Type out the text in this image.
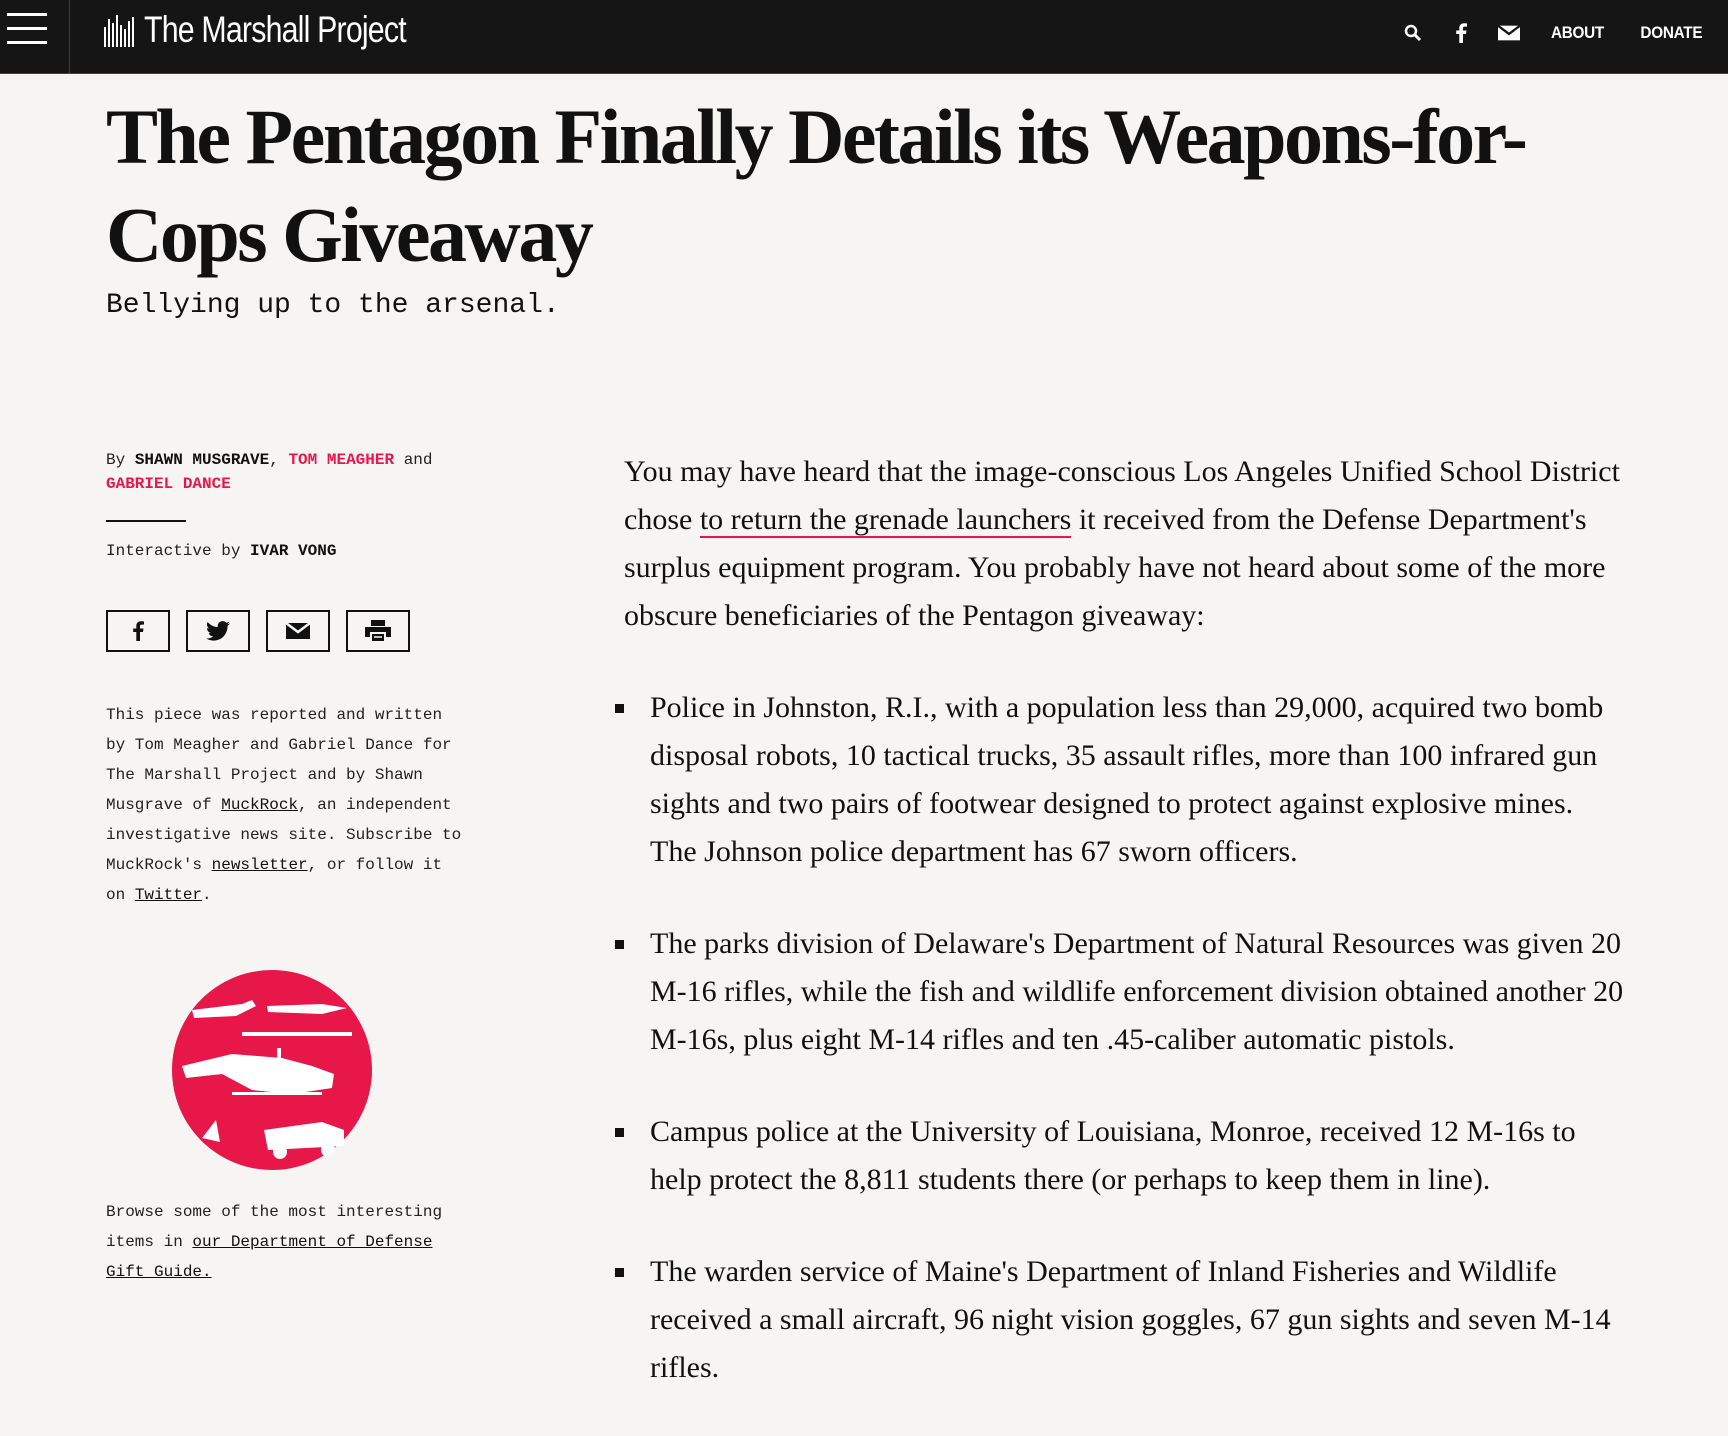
The Marshall Project	ABOUT DONATE
The Pentagon Finally Details its Weapons-for-Cops Giveaway

Bellying up to the arsenal.

By SHAWN MUSGRAVE, TOM MEAGHER and GABRIEL DANCE
Interactive by IVAR VONG
This piece was reported and written by Tom Meagher and Gabriel Dance for The Marshall Project and by Shawn Musgrave of MuckRock, an independent investigative news site. Subscribe to MuckRock's newsletter, or follow it on Twitter.
Browse some of the most interesting items in our Department of Defense Gift Guide.

You may have heard that the image-conscious Los Angeles Unified School District chose to return the grenade launchers it received from the Defense Department's surplus equipment program. You probably have not heard about some of the more obscure beneficiaries of the Pentagon giveaway:

Police in Johnston, R.I., with a population less than 29,000, acquired two bomb disposal robots, 10 tactical trucks, 35 assault rifles, more than 100 infrared gun sights and two pairs of footwear designed to protect against explosive mines. The Johnson police department has 67 sworn officers.
The parks division of Delaware's Department of Natural Resources was given 20 M-16 rifles, while the fish and wildlife enforcement division obtained another 20 M-16s, plus eight M-14 rifles and ten .45-caliber automatic pistols.
Campus police at the University of Louisiana, Monroe, received 12 M-16s to help protect the 8,811 students there (or perhaps to keep them in line).
The warden service of Maine's Department of Inland Fisheries and Wildlife received a small aircraft, 96 night vision goggles, 67 gun sights and seven M-14 rifles.
